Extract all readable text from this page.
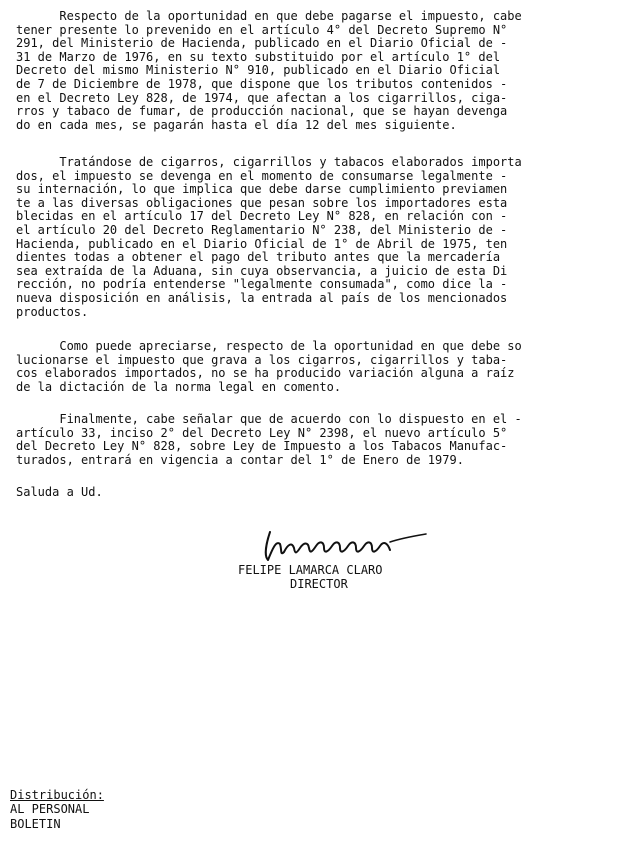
Respecto de la oportunidad en que debe pagarse el impuesto, cabe
tener presente lo prevenido en el artículo 4° del Decreto Supremo N°
291, del Ministerio de Hacienda, publicado en el Diario Oficial de -
31 de Marzo de 1976, en su texto substituido por el artículo 1° del
Decreto del mismo Ministerio N° 910, publicado en el Diario Oficial
de 7 de Diciembre de 1978, que dispone que los tributos contenidos -
en el Decreto Ley 828, de 1974, que afectan a los cigarrillos, ciga-
rros y tabaco de fumar, de producción nacional, que se hayan devenga
do en cada mes, se pagarán hasta el día 12 del mes siguiente.
Tratándose de cigarros, cigarrillos y tabacos elaborados importa
dos, el impuesto se devenga en el momento de consumarse legalmente -
su internación, lo que implica que debe darse cumplimiento previamen
te a las diversas obligaciones que pesan sobre los importadores esta
blecidas en el artículo 17 del Decreto Ley N° 828, en relación con -
el artículo 20 del Decreto Reglamentario N° 238, del Ministerio de -
Hacienda, publicado en el Diario Oficial de 1° de Abril de 1975, ten
dientes todas a obtener el pago del tributo antes que la mercadería
sea extraída de la Aduana, sin cuya observancia, a juicio de esta Di
rección, no podría entenderse "legalmente consumada", como dice la -
nueva disposición en análisis, la entrada al país de los mencionados
productos.
Como puede apreciarse, respecto de la oportunidad en que debe so
lucionarse el impuesto que grava a los cigarros, cigarrillos y taba-
cos elaborados importados, no se ha producido variación alguna a raíz
de la dictación de la norma legal en comento.
Finalmente, cabe señalar que de acuerdo con lo dispuesto en el -
artículo 33, inciso 2° del Decreto Ley N° 2398, el nuevo artículo 5°
del Decreto Ley N° 828, sobre Ley de Impuesto a los Tabacos Manufac-
turados, entrará en vigencia a contar del 1° de Enero de 1979.
Saluda a Ud.
FELIPE LAMARCA CLARO
DIRECTOR
Distribución:
AL PERSONAL
BOLETIN
